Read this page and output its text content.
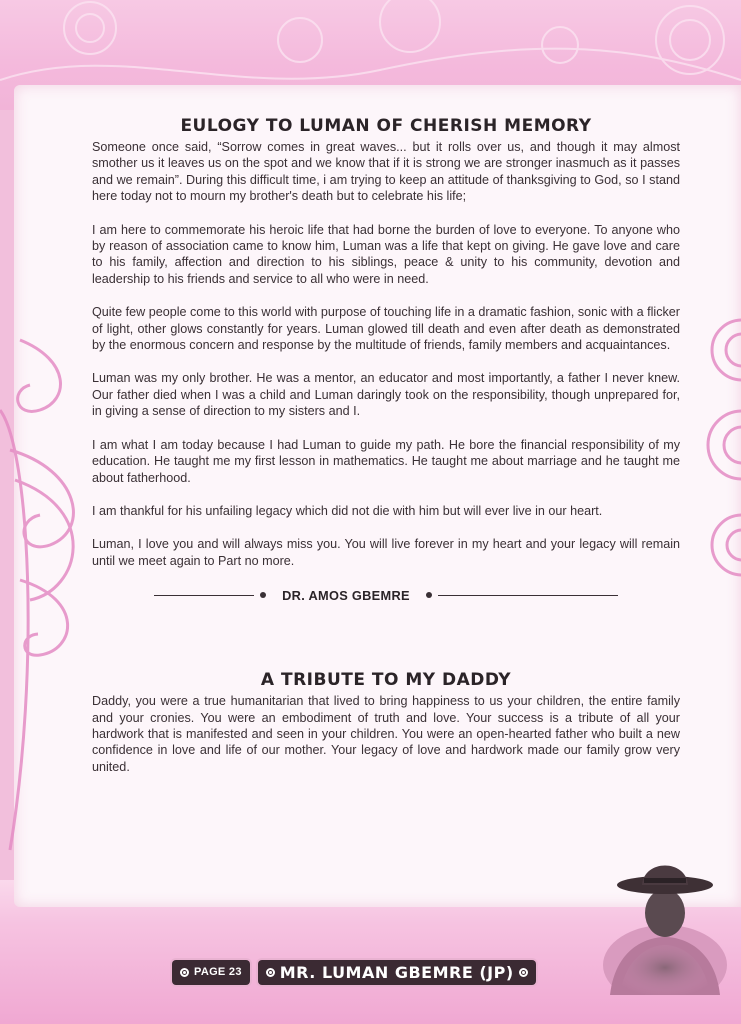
EULOGY TO LUMAN OF CHERISH MEMORY

Someone once said, “Sorrow comes in great waves... but it rolls over us, and though it may almost smother us it leaves us on the spot and we know that if it is strong we are stronger inasmuch as it passes and we remain”. During this difficult time, i am trying to keep an attitude of thanksgiving to God, so I stand here today not to mourn my brother's death but to celebrate his life;

I am here to commemorate his heroic life that had borne the burden of love to everyone. To anyone who by reason of association came to know him, Luman was a life that kept on giving. He gave love and care to his family, affection and direction to his siblings, peace & unity to his community, devotion and leadership to his friends and service to all who were in need.

Quite few people come to this world with purpose of touching life in a dramatic fashion, sonic with a flicker of light, other glows constantly for years. Luman glowed till death and even after death as demonstrated by the enormous concern and response by the multitude of friends, family members and acquaintances.

Luman was my only brother. He was a mentor, an educator and most importantly, a father I never knew. Our father died when I was a child and Luman daringly took on the responsibility, though unprepared for, in giving a sense of direction to my sisters and I.

I am what I am today because I had Luman to guide my path. He bore the financial responsibility of my education. He taught me my first lesson in mathematics. He taught me about marriage and he taught me about fatherhood.

I am thankful for his unfailing legacy which did not die with him but will ever live in our heart.

Luman, I love you and will always miss you. You will live forever in my heart and your legacy will remain until we meet again to Part no more.

DR. AMOS GBEMRE
A TRIBUTE TO MY DADDY

Daddy, you were a true humanitarian that lived to bring happiness to us your children, the entire family and your cronies. You were an embodiment of truth and love. Your success is a tribute of all your hardwork that is manifested and seen in your children. You were an open-hearted father who built a new confidence in love and life of our mother. Your legacy of love and hardwork made our family grow very united.

PAGE 23 MR. LUMAN GBEMRE (JP)
